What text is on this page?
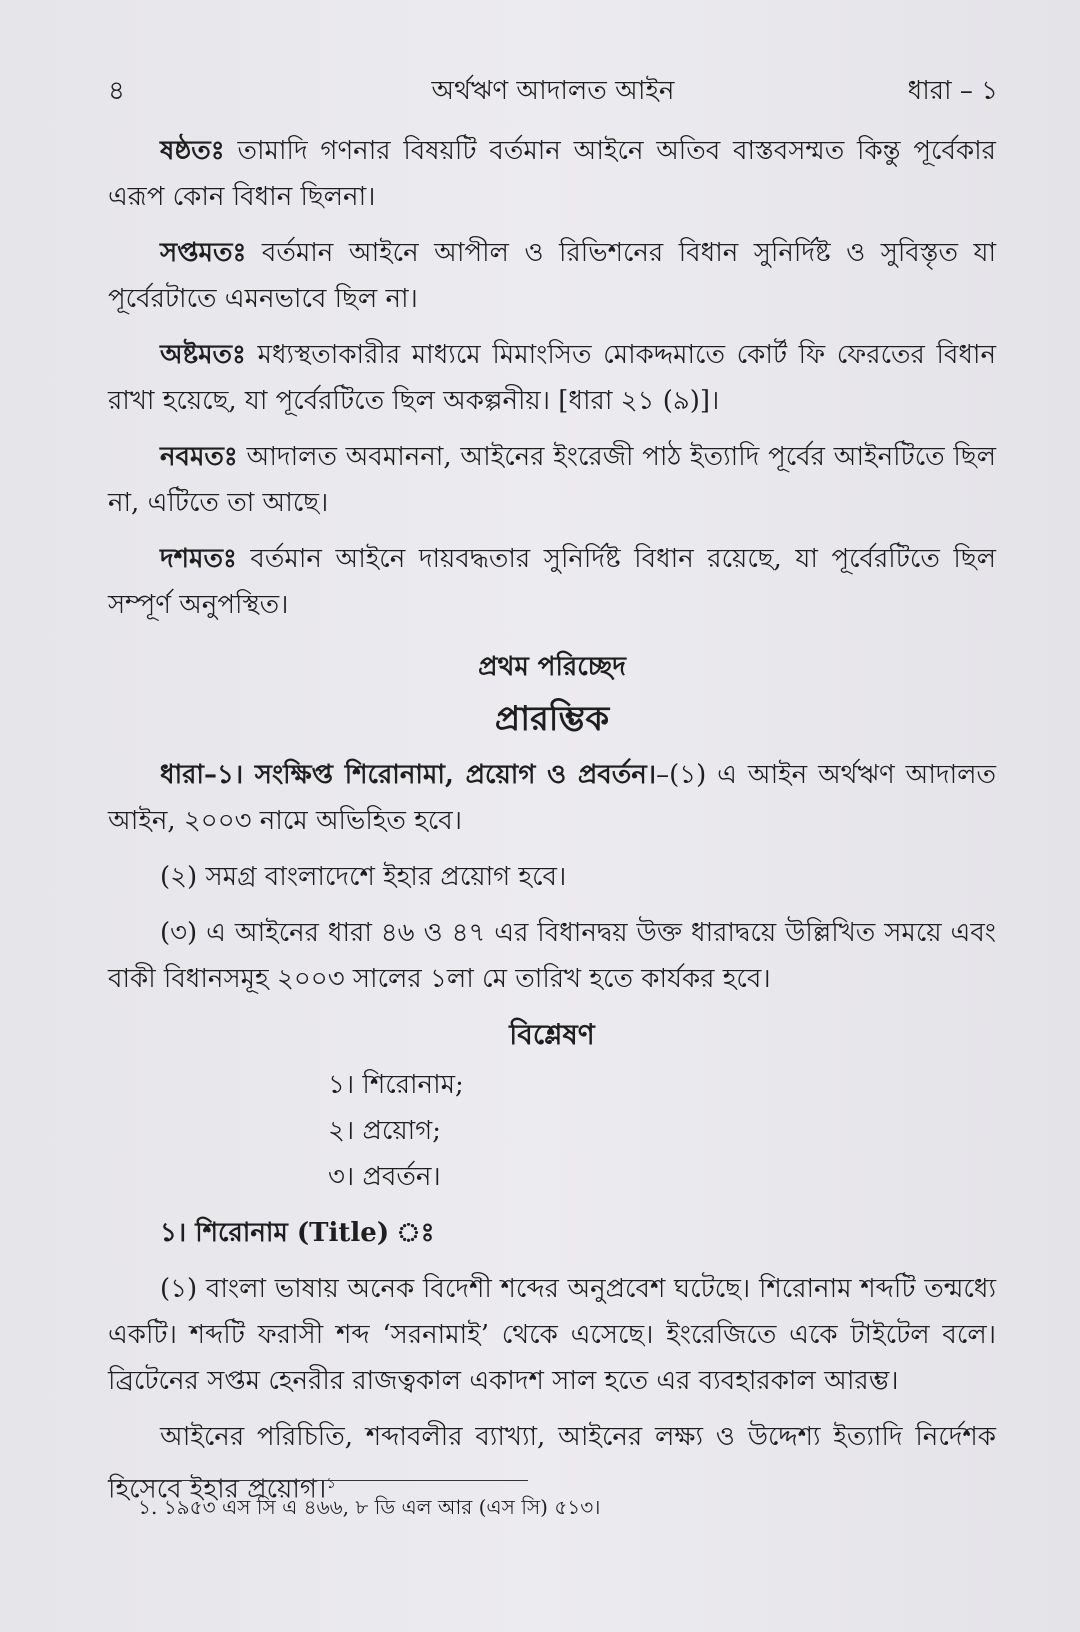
৪	অর্থঋণ আদালত আইন	ধারা – ১

ষষ্ঠতঃ তামাদি গণনার বিষয়টি বর্তমান আইনে অতিব বাস্তবসম্মত কিন্তু পূর্বেকার এরূপ কোন বিধান ছিলনা।

সপ্তমতঃ বর্তমান আইনে আপীল ও রিভিশনের বিধান সুনির্দিষ্ট ও সুবিস্তৃত যা পূর্বেরটাতে এমনভাবে ছিল না।

অষ্টমতঃ মধ্যস্থতাকারীর মাধ্যমে মিমাংসিত মোকদ্দমাতে কোর্ট ফি ফেরতের বিধান রাখা হয়েছে, যা পূর্বেরটিতে ছিল অকল্পনীয়। [ধারা ২১ (৯)]।

নবমতঃ আদালত অবমাননা, আইনের ইংরেজী পাঠ ইত্যাদি পূর্বের আইনটিতে ছিল না, এটিতে তা আছে।

দশমতঃ বর্তমান আইনে দায়বদ্ধতার সুনির্দিষ্ট বিধান রয়েছে, যা পূর্বেরটিতে ছিল সম্পূর্ণ অনুপস্থিত।

প্রথম পরিচ্ছেদ
প্রারম্ভিক

ধারা–১। সংক্ষিপ্ত শিরোনামা, প্রয়োগ ও প্রবর্তন।–(১) এ আইন অর্থঋণ আদালত আইন, ২০০৩ নামে অভিহিত হবে।

(২) সমগ্র বাংলাদেশে ইহার প্রয়োগ হবে।

(৩) এ আইনের ধারা ৪৬ ও ৪৭ এর বিধানদ্বয় উক্ত ধারাদ্বয়ে উল্লিখিত সময়ে এবং বাকী বিধানসমূহ ২০০৩ সালের ১লা মে তারিখ হতে কার্যকর হবে।

বিশ্লেষণ
১। শিরোনাম;
২। প্রয়োগ;
৩। প্রবর্তন।

১। শিরোনাম (Title) ঃ

(১) বাংলা ভাষায় অনেক বিদেশী শব্দের অনুপ্রবেশ ঘটেছে। শিরোনাম শব্দটি তন্মধ্যে একটি। শব্দটি ফরাসী শব্দ ‘সরনামাই’ থেকে এসেছে। ইংরেজিতে একে টাইটেল বলে। ব্রিটেনের সপ্তম হেনরীর রাজত্বকাল একাদশ সাল হতে এর ব্যবহারকাল আরম্ভ।

আইনের পরিচিতি, শব্দাবলীর ব্যাখ্যা, আইনের লক্ষ্য ও উদ্দেশ্য ইত্যাদি নির্দেশক হিসেবে ইহার প্রয়োগ।$^১$

১. ১৯৫৩ এস সি এ ৪৬৬, ৮ ডি এল আর (এস সি) ৫১৩।
